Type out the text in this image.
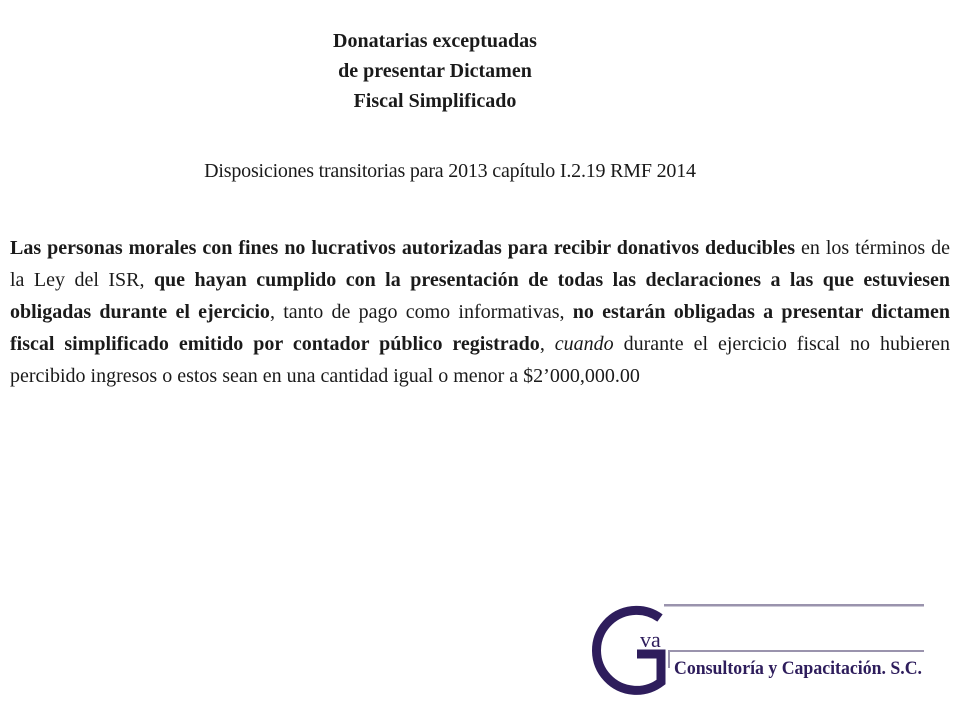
Donatarias exceptuadas
de presentar Dictamen
Fiscal Simplificado
Disposiciones transitorias para 2013 capítulo I.2.19 RMF 2014

Las personas morales con fines no lucrativos autorizadas para recibir donativos deducibles en los términos de la Ley del ISR, que hayan cumplido con la presentación de todas las declaraciones a las que estuviesen obligadas durante el ejercicio, tanto de pago como informativas, no estarán obligadas a presentar dictamen fiscal simplificado emitido por contador público registrado, cuando durante el ejercicio fiscal no hubieren percibido ingresos o estos sean en una cantidad igual o menor a $2’000,000.00

va
Consultoría y Capacitación. S.C.
